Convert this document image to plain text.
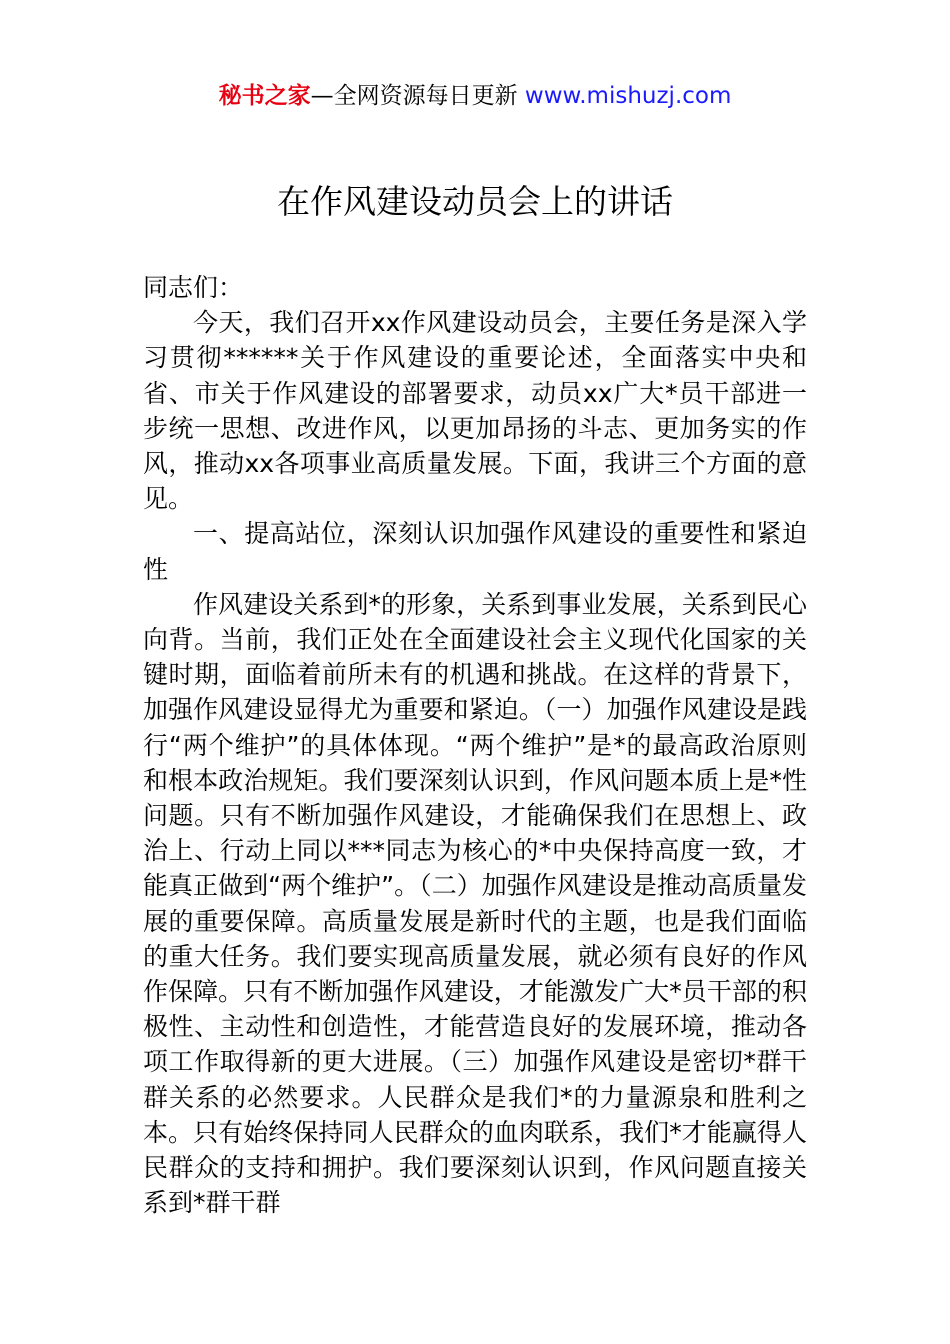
秘书之家—全网资源每日更新 www.mishuzj.com
在作风建设动员会上的讲话

同志们：

今天，我们召开xx作风建设动员会，主要任务是深入学习贯彻******关于作风建设的重要论述，全面落实中央和省、市关于作风建设的部署要求，动员xx广大*员干部进一步统一思想、改进作风，以更加昂扬的斗志、更加务实的作风，推动xx各项事业高质量发展。下面，我讲三个方面的意见。

一、提高站位，深刻认识加强作风建设的重要性和紧迫性

作风建设关系到*的形象，关系到事业发展，关系到民心向背。当前，我们正处在全面建设社会主义现代化国家的关键时期，面临着前所未有的机遇和挑战。在这样的背景下，加强作风建设显得尤为重要和紧迫。（一）加强作风建设是践行“两个维护”的具体体现。“两个维护”是*的最高政治原则和根本政治规矩。我们要深刻认识到，作风问题本质上是*性问题。只有不断加强作风建设，才能确保我们在思想上、政治上、行动上同以***同志为核心的*中央保持高度一致，才能真正做到“两个维护”。（二）加强作风建设是推动高质量发展的重要保障。高质量发展是新时代的主题，也是我们面临的重大任务。我们要实现高质量发展，就必须有良好的作风作保障。只有不断加强作风建设，才能激发广大*员干部的积极性、主动性和创造性，才能营造良好的发展环境，推动各项工作取得新的更大进展。（三）加强作风建设是密切*群干群关系的必然要求。人民群众是我们*的力量源泉和胜利之本。只有始终保持同人民群众的血肉联系，我们*才能赢得人民群众的支持和拥护。我们要深刻认识到，作风问题直接关系到*群干群
